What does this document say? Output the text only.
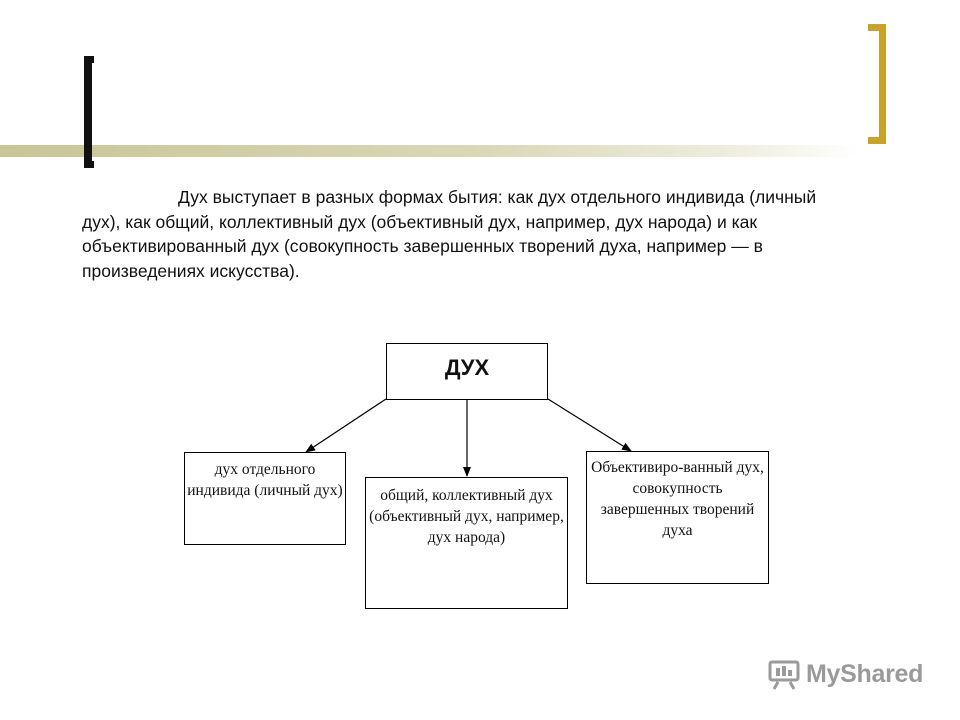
Дух выступает в разных формах бытия: как дух отдельного индивида (личный дух), как общий, коллективный дух (объективный дух, например, дух народа) и как объективированный дух (совокупность завершенных творений духа, например — в произведениях искусства).

ДУХ
дух отдельного индивида (личный дух)	общий, коллективный дух (объективный дух, например, дух народа)
Объективиро-ванный дух, совокупность завершенных творений духа
MyShared
